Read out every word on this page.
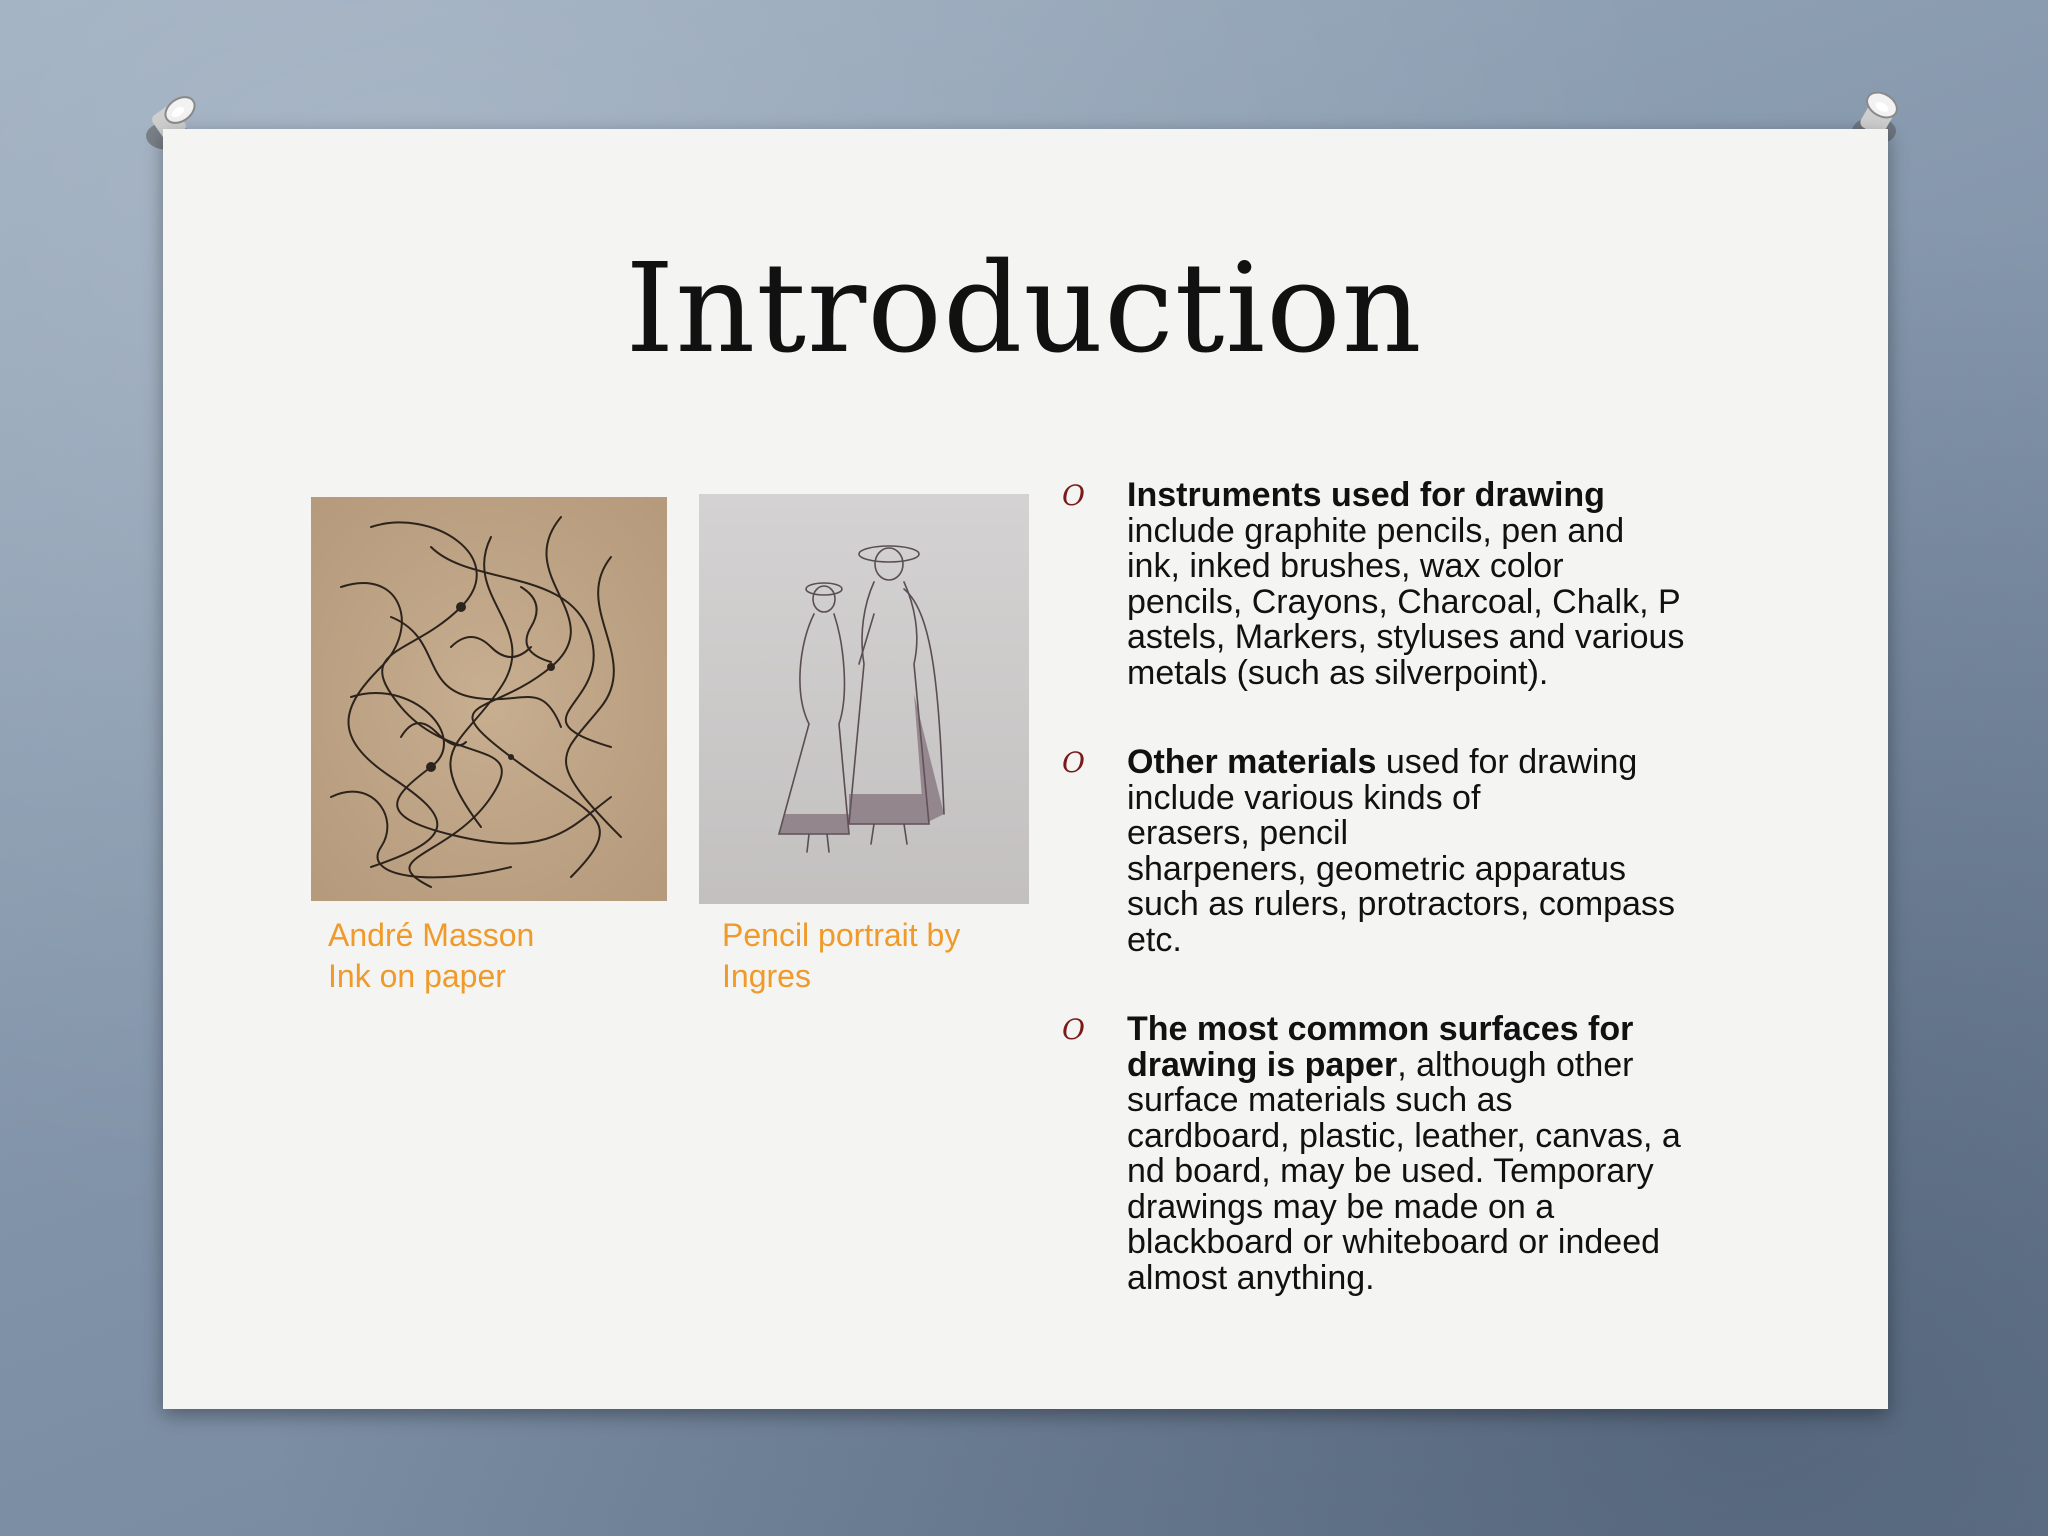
Introduction
André Masson
Ink on paper
Pencil portrait by
Ingres
O Instruments used for drawing
include graphite pencils, pen and
ink, inked brushes, wax color
pencils, Crayons, Charcoal, Chalk, P
astels, Markers, styluses and various
metals (such as silverpoint).
O Other materials used for drawing
include various kinds of
erasers, pencil
sharpeners, geometric apparatus
such as rulers, protractors, compass
etc.
O The most common surfaces for
drawing is paper, although other
surface materials such as
cardboard, plastic, leather, canvas, a
nd board, may be used. Temporary
drawings may be made on a
blackboard or whiteboard or indeed
almost anything.
